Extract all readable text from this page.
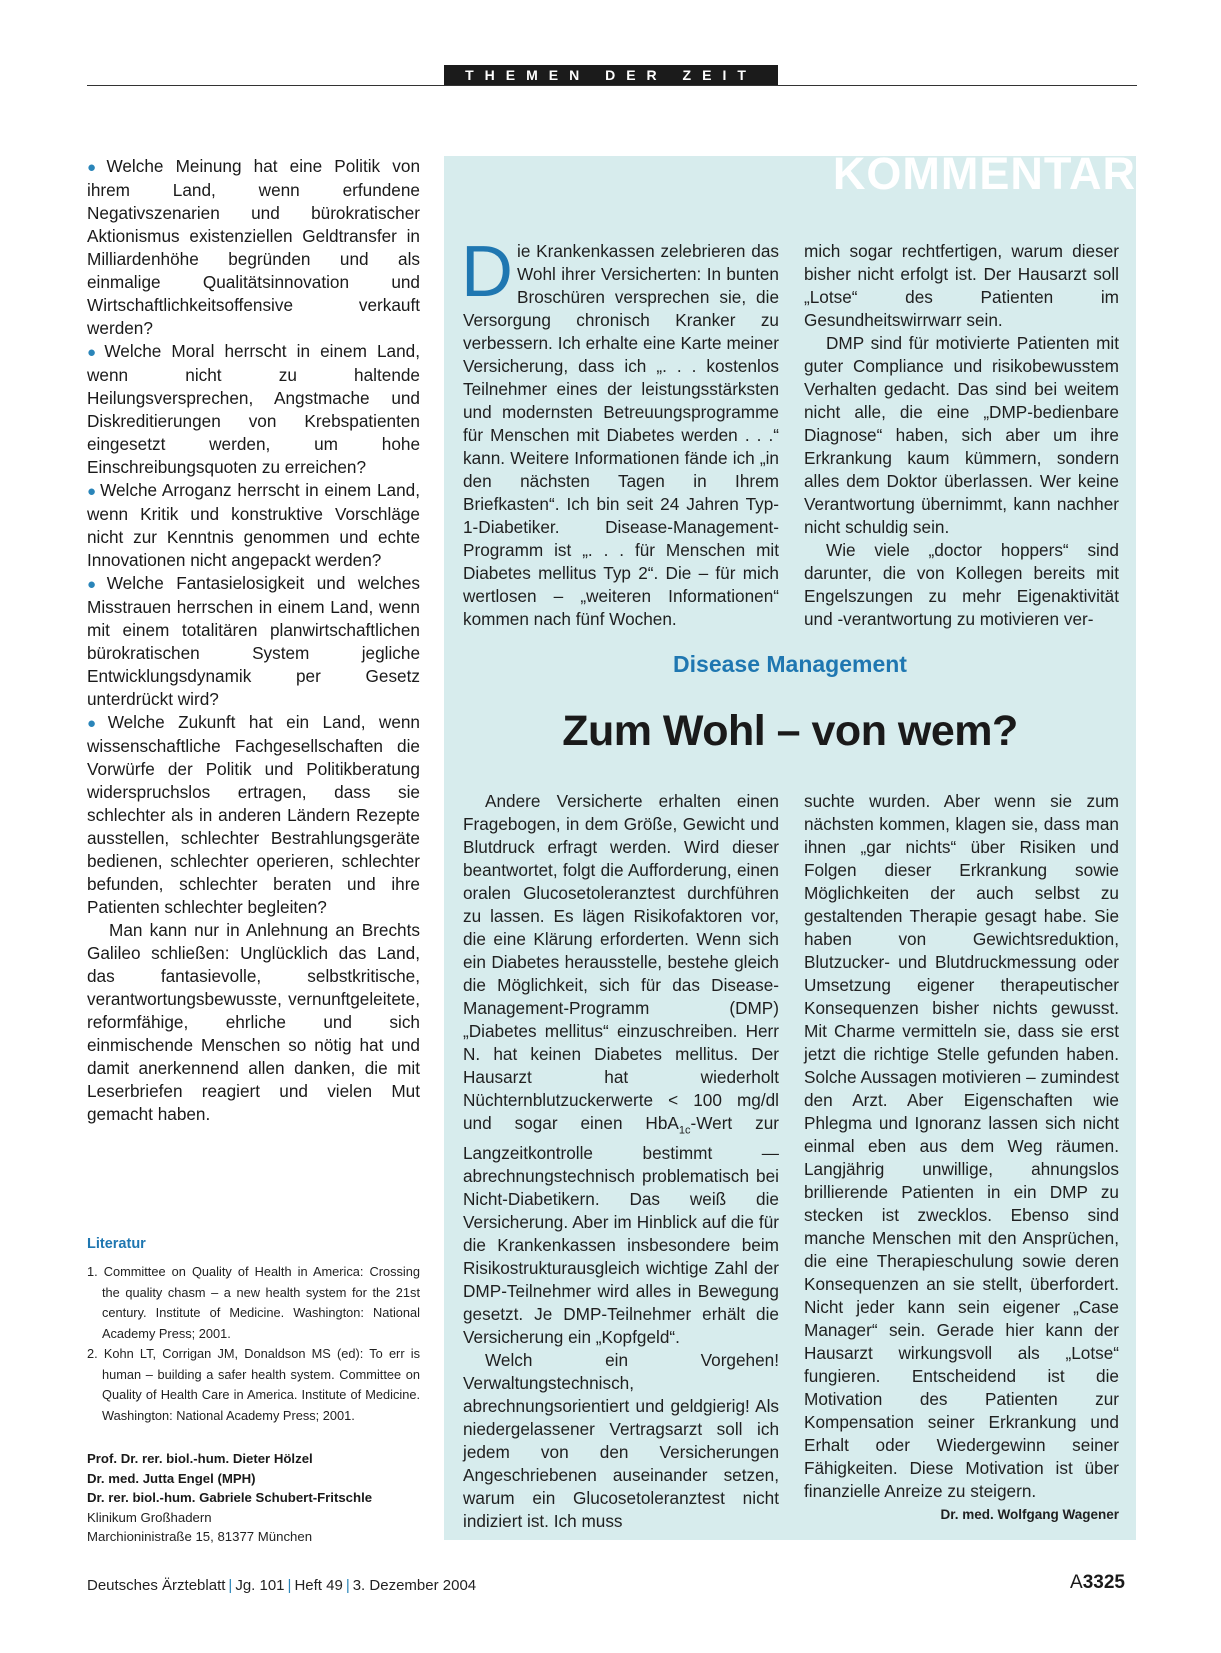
THEMEN DER ZEIT

● Welche Meinung hat eine Politik von ihrem Land, wenn erfundene Negativszenarien und bürokratischer Aktionismus existenziellen Geldtransfer in Milliardenhöhe begründen und als einmalige Qualitätsinnovation und Wirtschaftlichkeitsoffensive verkauft werden?

● Welche Moral herrscht in einem Land, wenn nicht zu haltende Heilungsversprechen, Angstmache und Diskreditierungen von Krebspatienten eingesetzt werden, um hohe Einschreibungsquoten zu erreichen?

● Welche Arroganz herrscht in einem Land, wenn Kritik und konstruktive Vorschläge nicht zur Kenntnis genommen und echte Innovationen nicht angepackt werden?

● Welche Fantasielosigkeit und welches Misstrauen herrschen in einem Land, wenn mit einem totalitären planwirtschaftlichen bürokratischen System jegliche Entwicklungsdynamik per Gesetz unterdrückt wird?

● Welche Zukunft hat ein Land, wenn wissenschaftliche Fachgesellschaften die Vorwürfe der Politik und Politikberatung widerspruchslos ertragen, dass sie schlechter als in anderen Ländern Rezepte ausstellen, schlechter Bestrahlungsgeräte bedienen, schlechter operieren, schlechter befunden, schlechter beraten und ihre Patienten schlechter begleiten?

Man kann nur in Anlehnung an Brechts Galileo schließen: Unglücklich das Land, das fantasievolle, selbstkritische, verantwortungsbewusste, vernunftgeleitete, reformfähige, ehrliche und sich einmischende Menschen so nötig hat und damit anerkennend allen danken, die mit Leserbriefen reagiert und vielen Mut gemacht haben.

Literatur

1. Committee on Quality of Health in America: Crossing the quality chasm – a new health system for the 21st century. Institute of Medicine. Washington: National Academy Press; 2001.

2. Kohn LT, Corrigan JM, Donaldson MS (ed): To err is human – building a safer health system. Committee on Quality of Health Care in America. Institute of Medicine. Washington: National Academy Press; 2001.

Prof. Dr. rer. biol.-hum. Dieter Hölzel
Dr. med. Jutta Engel (MPH)
Dr. rer. biol.-hum. Gabriele Schubert-Fritschle
Klinikum Großhadern
Marchioninistraße 15, 81377 München
KOMMENTAR

Die Krankenkassen zelebrieren das Wohl ihrer Versicherten: In bunten Broschüren versprechen sie, die Versorgung chronisch Kranker zu verbessern. Ich erhalte eine Karte meiner Versicherung, dass ich „. . . kostenlos Teilnehmer eines der leistungsstärksten und modernsten Betreuungsprogramme für Menschen mit Diabetes werden . . .“ kann. Weitere Informationen fände ich „in den nächsten Tagen in Ihrem Briefkasten“. Ich bin seit 24 Jahren Typ-1-Diabetiker. Disease-Management-Programm ist „. . . für Menschen mit Diabetes mellitus Typ 2“. Die – für mich wertlosen – „weiteren Informationen“ kommen nach fünf Wochen.

mich sogar rechtfertigen, warum dieser bisher nicht erfolgt ist. Der Hausarzt soll „Lotse“ des Patienten im Gesundheitswirrwarr sein.

DMP sind für motivierte Patienten mit guter Compliance und risikobewusstem Verhalten gedacht. Das sind bei weitem nicht alle, die eine „DMP-bedienbare Diagnose“ haben, sich aber um ihre Erkrankung kaum kümmern, sondern alles dem Doktor überlassen. Wer keine Verantwortung übernimmt, kann nachher nicht schuldig sein.

Wie viele „doctor hoppers“ sind darunter, die von Kollegen bereits mit Engelszungen zu mehr Eigenaktivität und -verantwortung zu motivieren ver-

Disease Management
Zum Wohl – von wem?

Andere Versicherte erhalten einen Fragebogen, in dem Größe, Gewicht und Blutdruck erfragt werden. Wird dieser beantwortet, folgt die Aufforderung, einen oralen Glucosetoleranztest durchführen zu lassen. Es lägen Risikofaktoren vor, die eine Klärung erforderten. Wenn sich ein Diabetes herausstelle, bestehe gleich die Möglichkeit, sich für das Disease-Management-Programm (DMP) „Diabetes mellitus“ einzuschreiben. Herr N. hat keinen Diabetes mellitus. Der Hausarzt hat wiederholt Nüchternblutzuckerwerte < 100 mg/dl und sogar einen HbA$_{1c}$-Wert zur Langzeitkontrolle bestimmt — abrechnungstechnisch problematisch bei Nicht-Diabetikern. Das weiß die Versicherung. Aber im Hinblick auf die für die Krankenkassen insbesondere beim Risikostrukturausgleich wichtige Zahl der DMP-Teilnehmer wird alles in Bewegung gesetzt. Je DMP-Teilnehmer erhält die Versicherung ein „Kopfgeld“.

Welch ein Vorgehen! Verwaltungstechnisch, abrechnungsorientiert und geldgierig! Als niedergelassener Vertragsarzt soll ich jedem von den Versicherungen Angeschriebenen auseinander setzen, warum ein Glucosetoleranztest nicht indiziert ist. Ich muss

suchte wurden. Aber wenn sie zum nächsten kommen, klagen sie, dass man ihnen „gar nichts“ über Risiken und Folgen dieser Erkrankung sowie Möglichkeiten der auch selbst zu gestaltenden Therapie gesagt habe. Sie haben von Gewichtsreduktion, Blutzucker- und Blutdruckmessung oder Umsetzung eigener therapeutischer Konsequenzen bisher nichts gewusst. Mit Charme vermitteln sie, dass sie erst jetzt die richtige Stelle gefunden haben. Solche Aussagen motivieren – zumindest den Arzt. Aber Eigenschaften wie Phlegma und Ignoranz lassen sich nicht einmal eben aus dem Weg räumen. Langjährig unwillige, ahnungslos brillierende Patienten in ein DMP zu stecken ist zwecklos. Ebenso sind manche Menschen mit den Ansprüchen, die eine Therapieschulung sowie deren Konsequenzen an sie stellt, überfordert. Nicht jeder kann sein eigener „Case Manager“ sein. Gerade hier kann der Hausarzt wirkungsvoll als „Lotse“ fungieren. Entscheidend ist die Motivation des Patienten zur Kompensation seiner Erkrankung und Erhalt oder Wiedergewinn seiner Fähigkeiten. Diese Motivation ist über finanzielle Anreize zu steigern.
Dr. med. Wolfgang Wagener

Deutsches Ärzteblatt | Jg. 101 | Heft 49 | 3. Dezember 2004	A3325
